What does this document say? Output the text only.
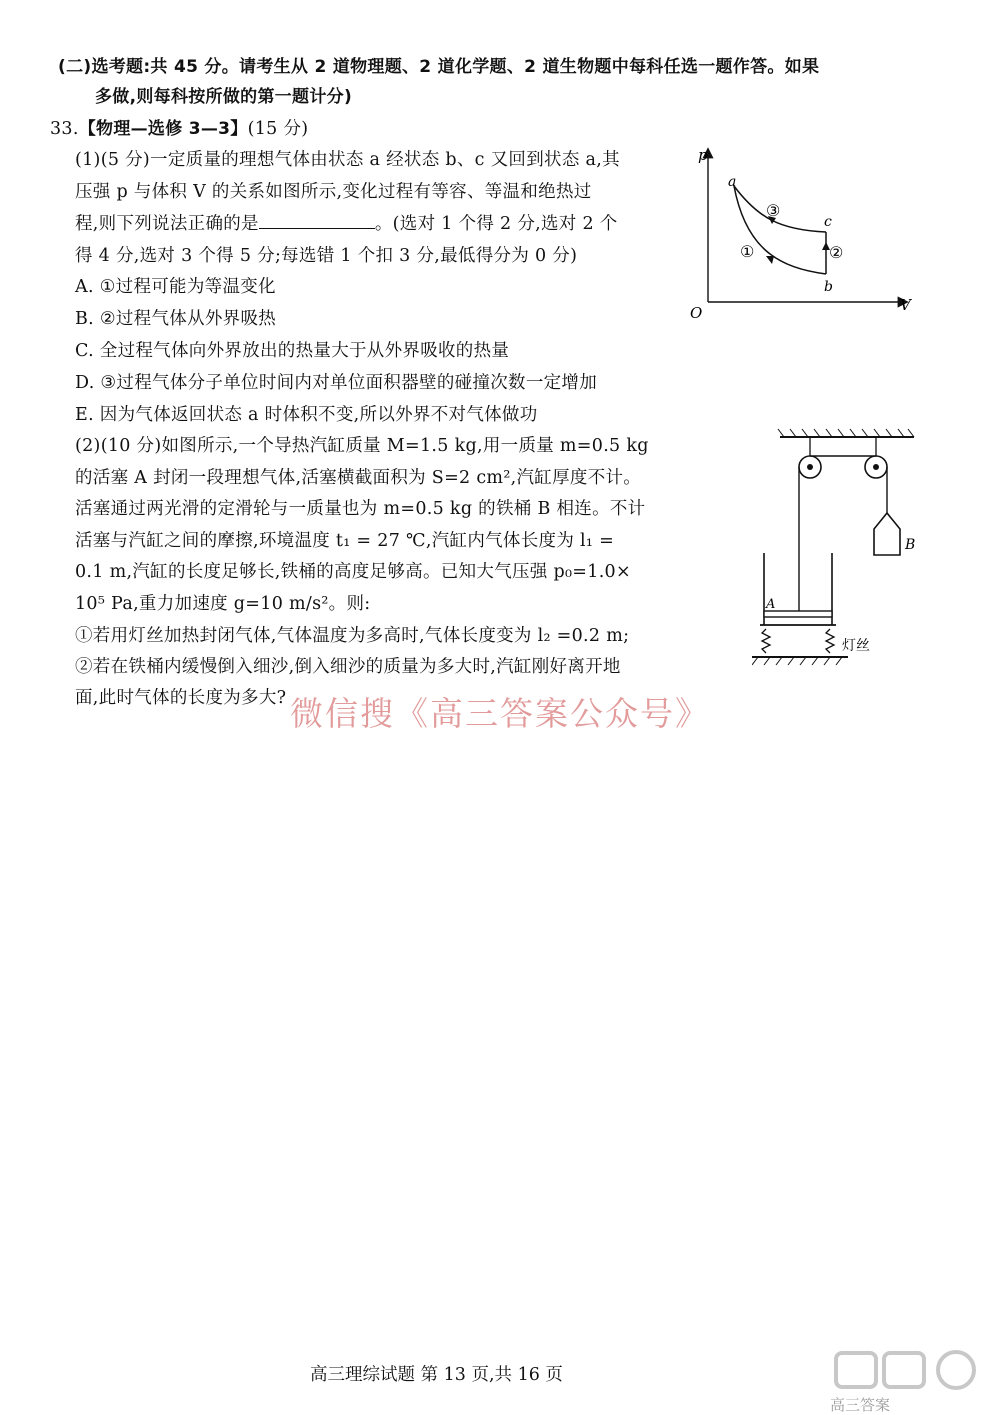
(二)选考题:共 45 分。请考生从 2 道物理题、2 道化学题、2 道生物题中每科任选一题作答。如果
多做,则每科按所做的第一题计分)
33.【物理—选修 3—3】(15 分)
(1)(5 分)一定质量的理想气体由状态 a 经状态 b、c 又回到状态 a,其
压强 p 与体积 V 的关系如图所示,变化过程有等容、等温和绝热过
程,则下列说法正确的是	。(选对 1 个得 2 分,选对 2 个
得 4 分,选对 3 个得 5 分;每选错 1 个扣 3 分,最低得分为 0 分)
A. ①过程可能为等温变化
B. ②过程气体从外界吸热
C. 全过程气体向外界放出的热量大于从外界吸收的热量
D. ③过程气体分子单位时间内对单位面积器壁的碰撞次数一定增加
E. 因为气体返回状态 a 时体积不变,所以外界不对气体做功
p
V
O
a
c
b
③
①	②
(2)(10 分)如图所示,一个导热汽缸质量 M=1.5 kg,用一质量 m=0.5 kg
的活塞 A 封闭一段理想气体,活塞横截面积为 S=2 cm²,汽缸厚度不计。
活塞通过两光滑的定滑轮与一质量也为 m=0.5 kg 的铁桶 B 相连。不计
活塞与汽缸之间的摩擦,环境温度 t₁ = 27 ℃,汽缸内气体长度为 l₁ =
0.1 m,汽缸的长度足够长,铁桶的高度足够高。已知大气压强 p₀=1.0×
10⁵ Pa,重力加速度 g=10 m/s²。则:
①若用灯丝加热封闭气体,气体温度为多高时,气体长度变为 l₂ =0.2 m;
②若在铁桶内缓慢倒入细沙,倒入细沙的质量为多大时,汽缸刚好离开地
面,此时气体的长度为多大?
B
A
灯丝
微信搜《高三答案公众号》
高三理综试题 第 13 页,共 16 页
高三答案
